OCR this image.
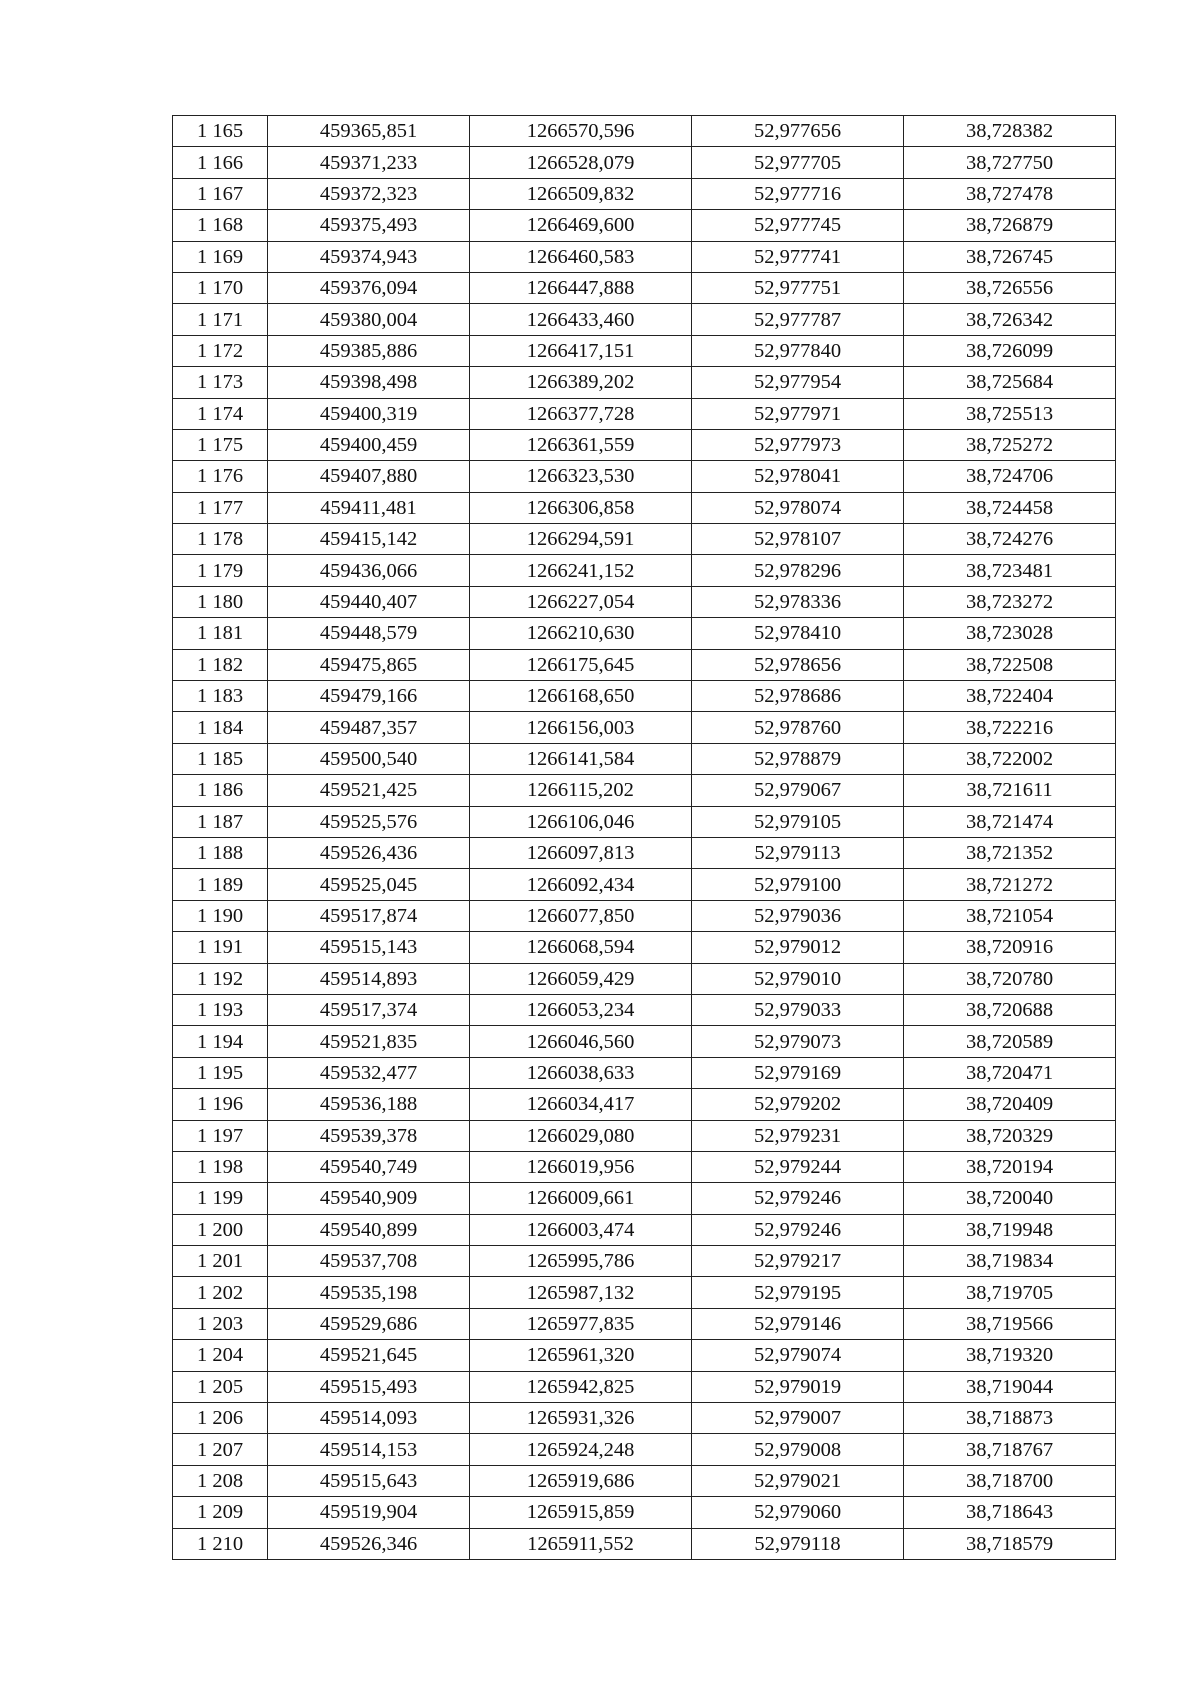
1 165	459365,851	1266570,596	52,977656	38,728382
1 166	459371,233	1266528,079	52,977705	38,727750
1 167	459372,323	1266509,832	52,977716	38,727478
1 168	459375,493	1266469,600	52,977745	38,726879
1 169	459374,943	1266460,583	52,977741	38,726745
1 170	459376,094	1266447,888	52,977751	38,726556
1 171	459380,004	1266433,460	52,977787	38,726342
1 172	459385,886	1266417,151	52,977840	38,726099
1 173	459398,498	1266389,202	52,977954	38,725684
1 174	459400,319	1266377,728	52,977971	38,725513
1 175	459400,459	1266361,559	52,977973	38,725272
1 176	459407,880	1266323,530	52,978041	38,724706
1 177	459411,481	1266306,858	52,978074	38,724458
1 178	459415,142	1266294,591	52,978107	38,724276
1 179	459436,066	1266241,152	52,978296	38,723481
1 180	459440,407	1266227,054	52,978336	38,723272
1 181	459448,579	1266210,630	52,978410	38,723028
1 182	459475,865	1266175,645	52,978656	38,722508
1 183	459479,166	1266168,650	52,978686	38,722404
1 184	459487,357	1266156,003	52,978760	38,722216
1 185	459500,540	1266141,584	52,978879	38,722002
1 186	459521,425	1266115,202	52,979067	38,721611
1 187	459525,576	1266106,046	52,979105	38,721474
1 188	459526,436	1266097,813	52,979113	38,721352
1 189	459525,045	1266092,434	52,979100	38,721272
1 190	459517,874	1266077,850	52,979036	38,721054
1 191	459515,143	1266068,594	52,979012	38,720916
1 192	459514,893	1266059,429	52,979010	38,720780
1 193	459517,374	1266053,234	52,979033	38,720688
1 194	459521,835	1266046,560	52,979073	38,720589
1 195	459532,477	1266038,633	52,979169	38,720471
1 196	459536,188	1266034,417	52,979202	38,720409
1 197	459539,378	1266029,080	52,979231	38,720329
1 198	459540,749	1266019,956	52,979244	38,720194
1 199	459540,909	1266009,661	52,979246	38,720040
1 200	459540,899	1266003,474	52,979246	38,719948
1 201	459537,708	1265995,786	52,979217	38,719834
1 202	459535,198	1265987,132	52,979195	38,719705
1 203	459529,686	1265977,835	52,979146	38,719566
1 204	459521,645	1265961,320	52,979074	38,719320
1 205	459515,493	1265942,825	52,979019	38,719044
1 206	459514,093	1265931,326	52,979007	38,718873
1 207	459514,153	1265924,248	52,979008	38,718767
1 208	459515,643	1265919,686	52,979021	38,718700
1 209	459519,904	1265915,859	52,979060	38,718643
1 210	459526,346	1265911,552	52,979118	38,718579
